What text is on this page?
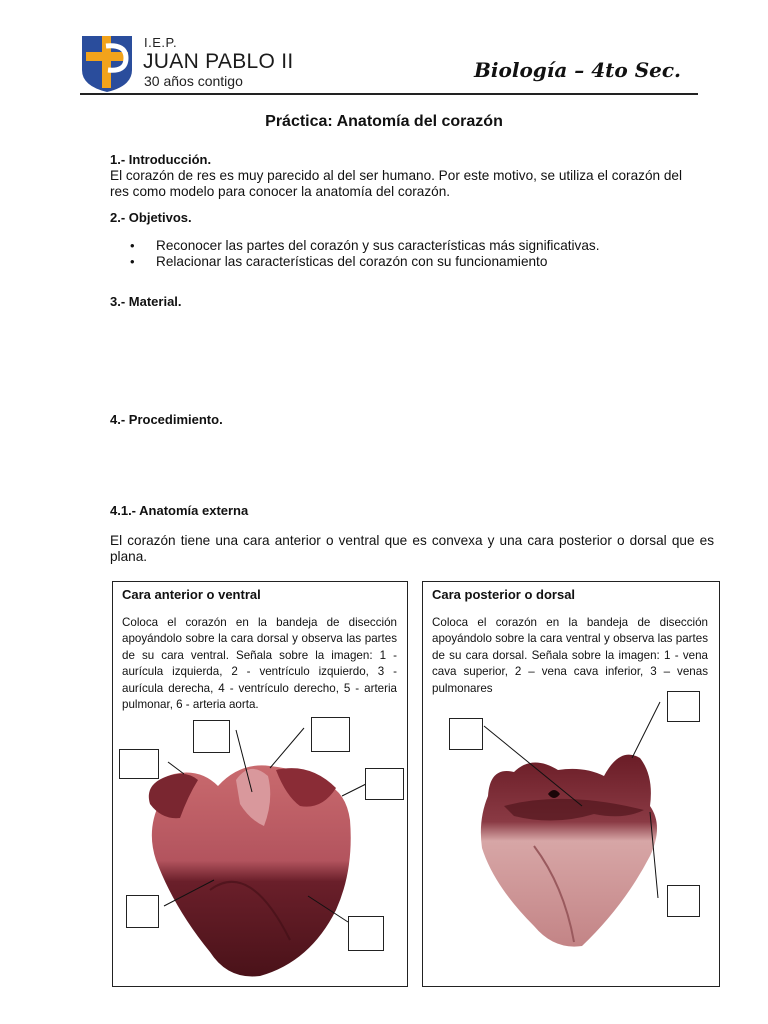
I.E.P.
JUAN PABLO II
30 años contigo	Biología – 4to Sec.
Práctica: Anatomía del corazón
1.- Introducción.
El corazón de res es muy parecido al del ser humano. Por este motivo, se utiliza el corazón del
res como modelo para conocer la anatomía del corazón.
2.- Objetivos.
• Reconocer las partes del corazón y sus características más significativas.
• Relacionar las características del corazón con su funcionamiento
3.- Material.
4.- Procedimiento.
4.1.- Anatomía externa
El corazón tiene una cara anterior o ventral que es convexa y una cara posterior o dorsal que es plana.
Cara anterior o ventral
Coloca el corazón en la bandeja de disección apoyándolo sobre la cara dorsal y observa las partes de su cara ventral. Señala sobre la imagen: 1 - aurícula izquierda, 2 - ventrículo izquierdo, 3 - aurícula derecha, 4 - ventrículo derecho, 5 - arteria pulmonar, 6 - arteria aorta.
Cara posterior o dorsal
Coloca el corazón en la bandeja de disección apoyándolo sobre la cara ventral y observa las partes de su cara dorsal. Señala sobre la imagen: 1 - vena cava superior, 2 – vena cava inferior, 3 – venas pulmonares
